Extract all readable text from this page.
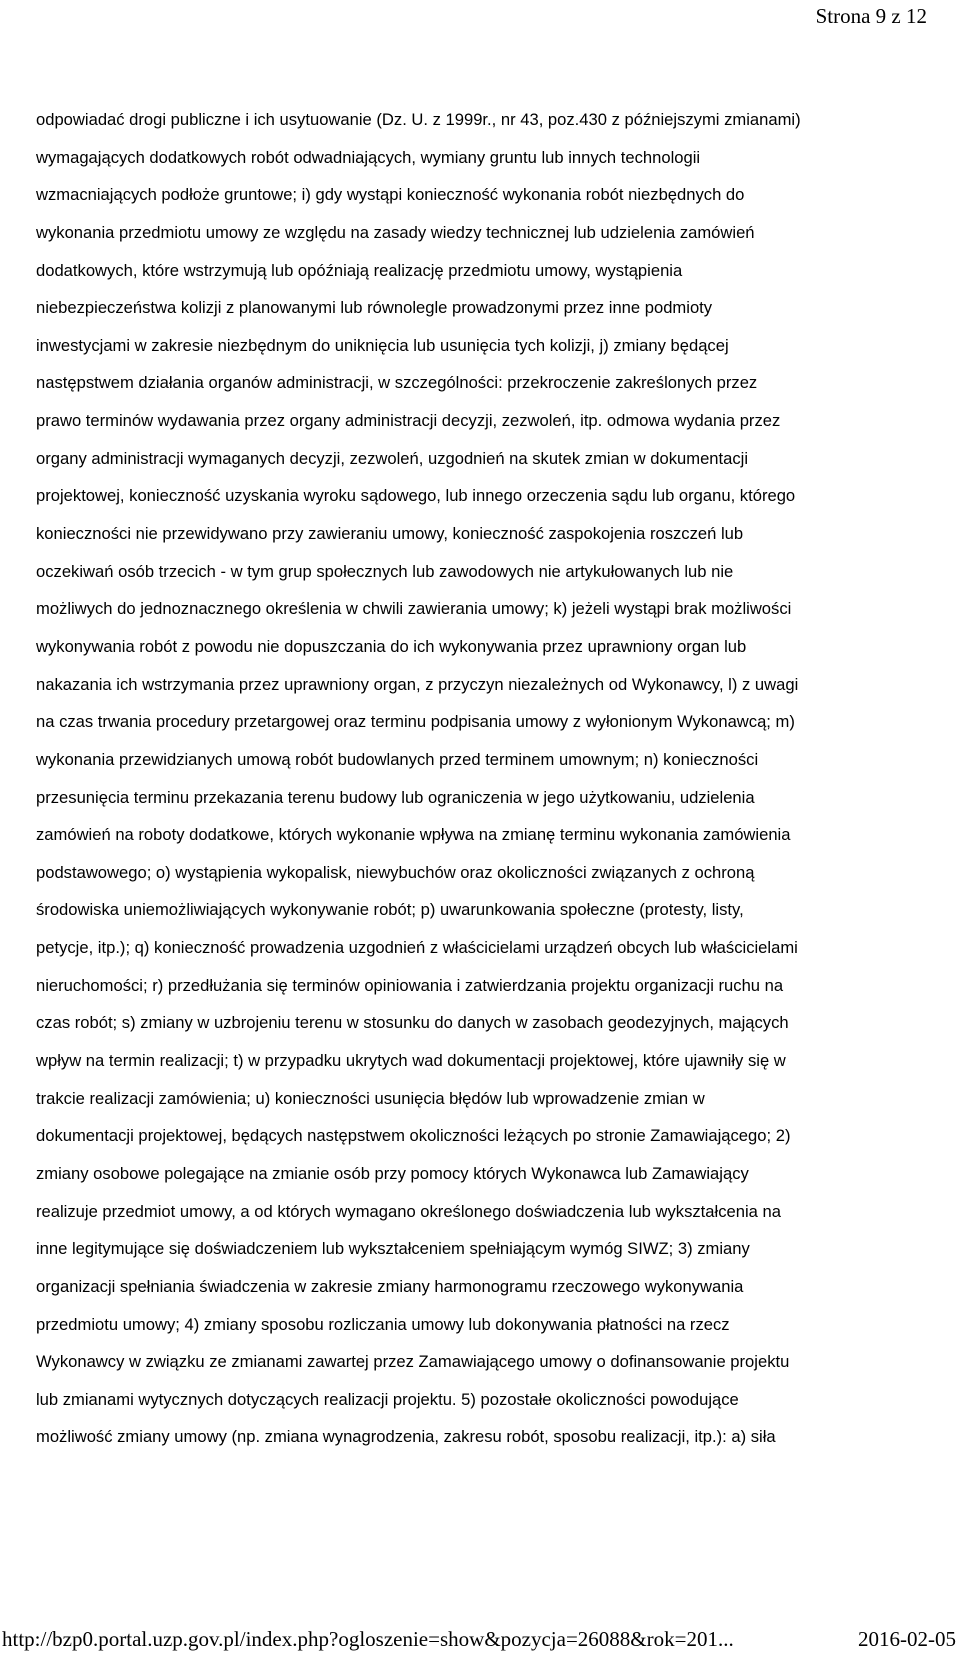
Strona 9 z 12
odpowiadać drogi publiczne i ich usytuowanie (Dz. U. z 1999r., nr 43, poz.430 z późniejszymi zmianami)
wymagających dodatkowych robót odwadniających, wymiany gruntu lub innych technologii
wzmacniających podłoże gruntowe; i) gdy wystąpi konieczność wykonania robót niezbędnych do
wykonania przedmiotu umowy ze względu na zasady wiedzy technicznej lub udzielenia zamówień
dodatkowych, które wstrzymują lub opóźniają realizację przedmiotu umowy, wystąpienia
niebezpieczeństwa kolizji z planowanymi lub równolegle prowadzonymi przez inne podmioty
inwestycjami w zakresie niezbędnym do uniknięcia lub usunięcia tych kolizji, j) zmiany będącej
następstwem działania organów administracji, w szczególności: przekroczenie zakreślonych przez
prawo terminów wydawania przez organy administracji decyzji, zezwoleń, itp. odmowa wydania przez
organy administracji wymaganych decyzji, zezwoleń, uzgodnień na skutek zmian w dokumentacji
projektowej, konieczność uzyskania wyroku sądowego, lub innego orzeczenia sądu lub organu, którego
konieczności nie przewidywano przy zawieraniu umowy, konieczność zaspokojenia roszczeń lub
oczekiwań osób trzecich - w tym grup społecznych lub zawodowych nie artykułowanych lub nie
możliwych do jednoznacznego określenia w chwili zawierania umowy; k) jeżeli wystąpi brak możliwości
wykonywania robót z powodu nie dopuszczania do ich wykonywania przez uprawniony organ lub
nakazania ich wstrzymania przez uprawniony organ, z przyczyn niezależnych od Wykonawcy, l) z uwagi
na czas trwania procedury przetargowej oraz terminu podpisania umowy z wyłonionym Wykonawcą; m)
wykonania przewidzianych umową robót budowlanych przed terminem umownym; n) konieczności
przesunięcia terminu przekazania terenu budowy lub ograniczenia w jego użytkowaniu, udzielenia
zamówień na roboty dodatkowe, których wykonanie wpływa na zmianę terminu wykonania zamówienia
podstawowego; o) wystąpienia wykopalisk, niewybuchów oraz okoliczności związanych z ochroną
środowiska uniemożliwiających wykonywanie robót; p) uwarunkowania społeczne (protesty, listy,
petycje, itp.); q) konieczność prowadzenia uzgodnień z właścicielami urządzeń obcych lub właścicielami
nieruchomości; r) przedłużania się terminów opiniowania i zatwierdzania projektu organizacji ruchu na
czas robót; s) zmiany w uzbrojeniu terenu w stosunku do danych w zasobach geodezyjnych, mających
wpływ na termin realizacji; t) w przypadku ukrytych wad dokumentacji projektowej, które ujawniły się w
trakcie realizacji zamówienia; u) konieczności usunięcia błędów lub wprowadzenie zmian w
dokumentacji projektowej, będących następstwem okoliczności leżących po stronie Zamawiającego; 2)
zmiany osobowe polegające na zmianie osób przy pomocy których Wykonawca lub Zamawiający
realizuje przedmiot umowy, a od których wymagano określonego doświadczenia lub wykształcenia na
inne legitymujące się doświadczeniem lub wykształceniem spełniającym wymóg SIWZ; 3) zmiany
organizacji spełniania świadczenia w zakresie zmiany harmonogramu rzeczowego wykonywania
przedmiotu umowy; 4) zmiany sposobu rozliczania umowy lub dokonywania płatności na rzecz
Wykonawcy w związku ze zmianami zawartej przez Zamawiającego umowy o dofinansowanie projektu
lub zmianami wytycznych dotyczących realizacji projektu. 5) pozostałe okoliczności powodujące
możliwość zmiany umowy (np. zmiana wynagrodzenia, zakresu robót, sposobu realizacji, itp.): a) siła
http://bzp0.portal.uzp.gov.pl/index.php?ogloszenie=show&pozycja=26088&rok=201...	2016-02-05
